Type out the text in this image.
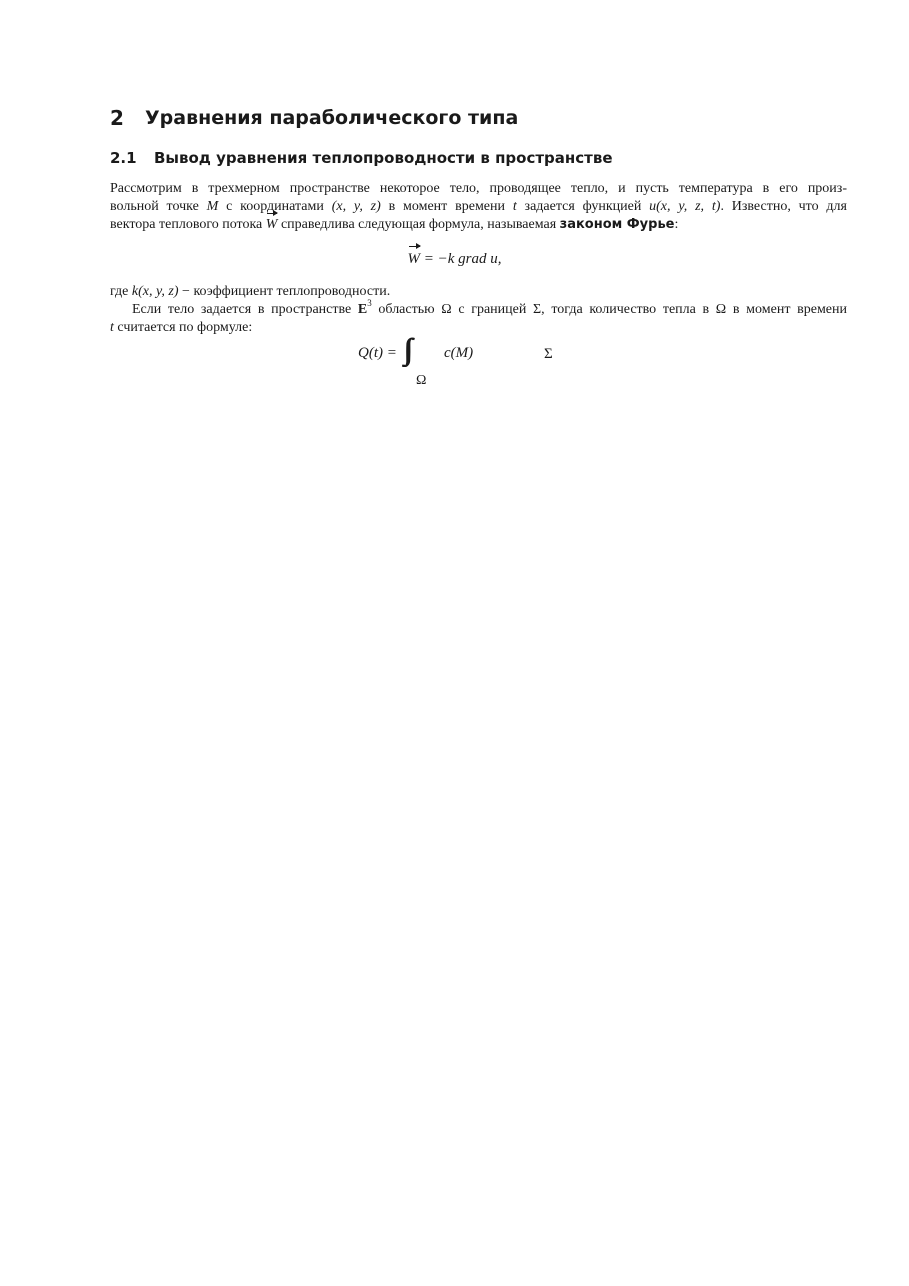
2 Уравнения параболического типа
2.1 Вывод уравнения теплопроводности в пространстве
Рассмотрим в трехмерном пространстве некоторое тело, проводящее тепло, и пусть температура в его произ-
вольной точке M с координатами (x, y, z) в момент времени t задается функцией u(x, y, z, t). Известно, что для
вектора теплового потока W справедлива следующая формула, называемая законом Фурье:
W = −k grad u,
где k(x, y, z) − коэффициент теплопроводности.
Если тело задается в пространстве $E^3$ областью Ω с границей Σ, тогда количество тепла в Ω в момент времени
t считается по формуле:
Q(t) =	c(M)
Ω
Σ
